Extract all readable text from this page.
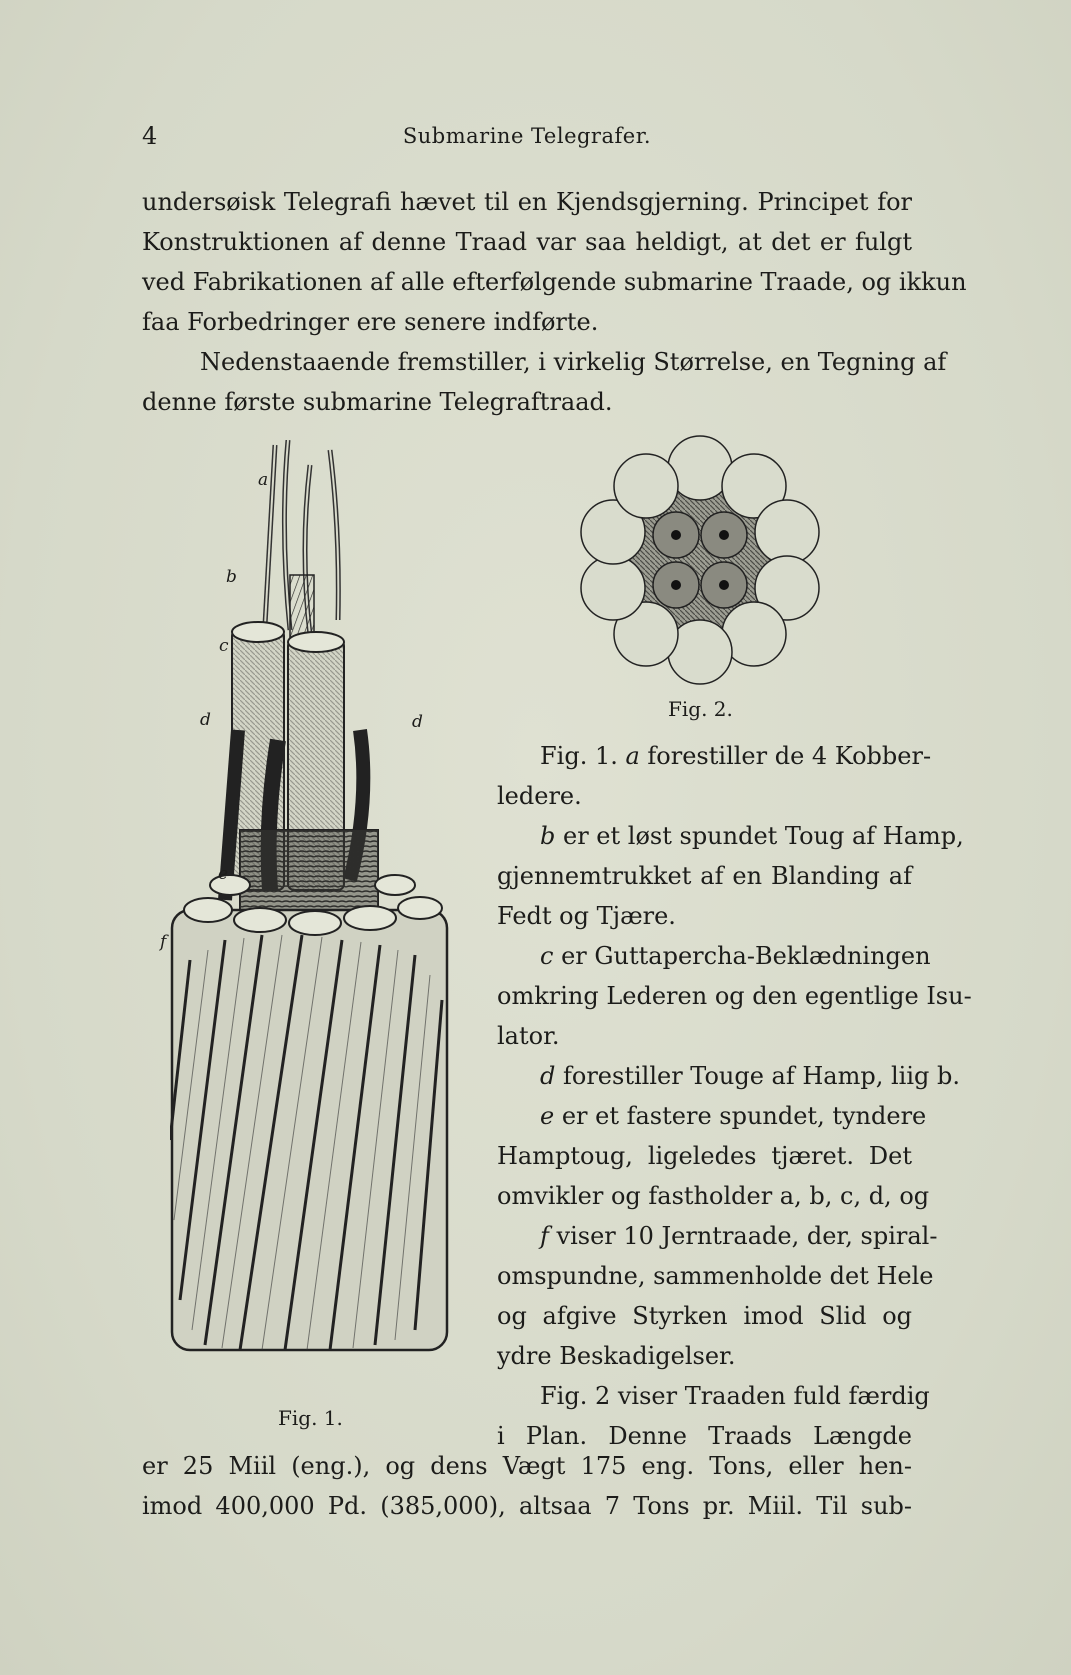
4	Submarine Telegrafer.
undersøisk Telegrafi hævet til en Kjendsgjerning. Principet for
Konstruktionen af denne Traad var saa heldigt, at det er fulgt
ved Fabrikationen af alle efterfølgende submarine Traade, og ikkun
faa Forbedringer ere senere indførte.
Nedenstaaende fremstiller, i virkelig Størrelse, en Tegning af
denne første submarine Telegraftraad.
a
b
c
d	d
e
f
Fig. 1.
Fig. 2.
Fig. 1. a forestiller de 4 Kobber-
ledere.
b er et løst spundet Toug af Hamp,
gjennemtrukket af en Blanding af
Fedt og Tjære.
c er Guttapercha-Beklædningen
omkring Lederen og den egentlige Isu-
lator.
d forestiller Touge af Hamp, liig b.
e er et fastere spundet, tyndere
Hamptoug, ligeledes tjæret. Det
omvikler og fastholder a, b, c, d, og
f viser 10 Jerntraade, der, spiral-
omspundne, sammenholde det Hele
og afgive Styrken imod Slid og
ydre Beskadigelser.
Fig. 2 viser Traaden fuld færdig
i Plan. Denne Traads Længde
er 25 Miil (eng.), og dens Vægt 175 eng. Tons, eller hen-
imod 400,000 Pd. (385,000), altsaa 7 Tons pr. Miil. Til sub-
